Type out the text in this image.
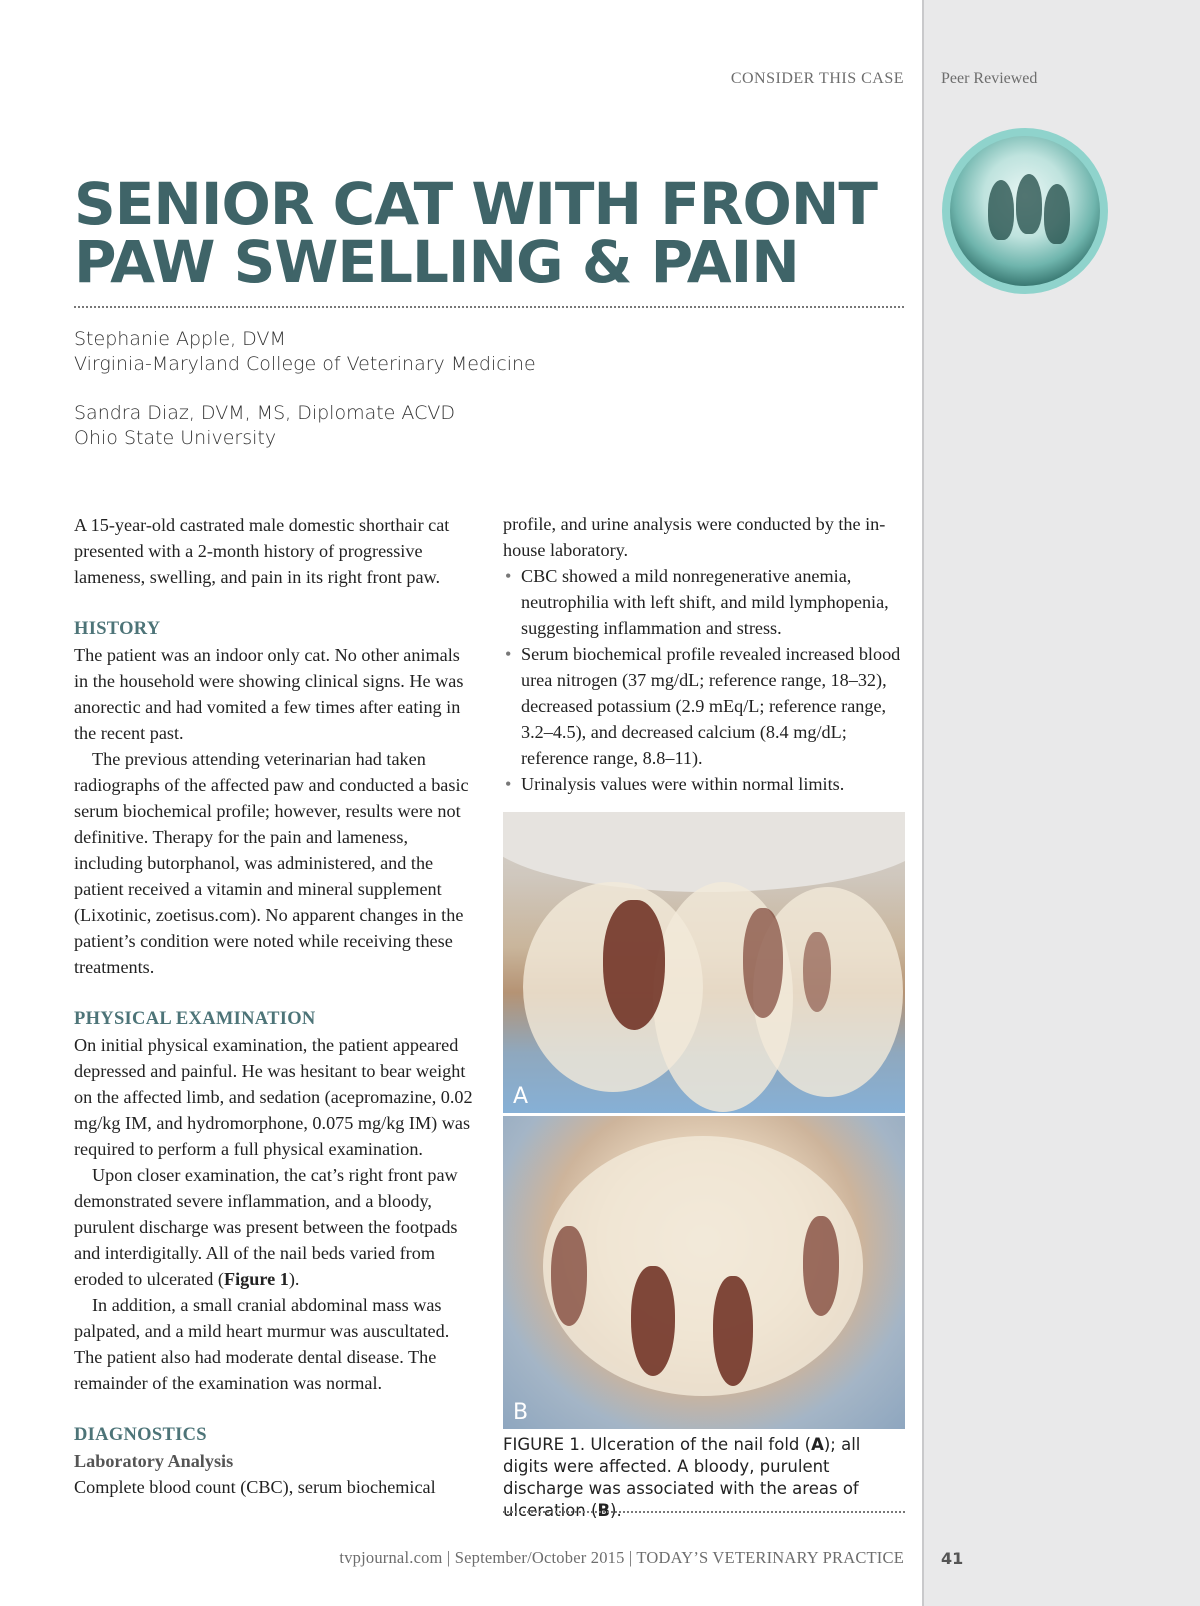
Peer Reviewed
CONSIDER THIS CASE
SENIOR CAT WITH FRONT
PAW SWELLING & PAIN
Stephanie Apple, DVM
Virginia-Maryland College of Veterinary Medicine
Sandra Diaz, DVM, MS, Diplomate ACVD
Ohio State University

A 15-year-old castrated male domestic shorthair cat presented with a 2-month history of progressive lameness, swelling, and pain in its right front paw.

HISTORY

The patient was an indoor only cat. No other animals in the household were showing clinical signs. He was anorectic and had vomited a few times after eating in the recent past.

The previous attending veterinarian had taken radiographs of the affected paw and conducted a basic serum biochemical profile; however, results were not definitive. Therapy for the pain and lameness, including butorphanol, was administered, and the patient received a vitamin and mineral supplement (Lixotinic, zoetisus.com). No apparent changes in the patient’s condition were noted while receiving these treatments.

PHYSICAL EXAMINATION

On initial physical examination, the patient appeared depressed and painful. He was hesitant to bear weight on the affected limb, and sedation (acepromazine, 0.02 mg/kg IM, and hydromorphone, 0.075 mg/kg IM) was required to perform a full physical examination.

Upon closer examination, the cat’s right front paw demonstrated severe inflammation, and a bloody, purulent discharge was present between the footpads and interdigitally. All of the nail beds varied from eroded to ulcerated (Figure 1).

In addition, a small cranial abdominal mass was palpated, and a mild heart murmur was auscultated. The patient also had moderate dental disease. The remainder of the examination was normal.

DIAGNOSTICS
Laboratory Analysis

Complete blood count (CBC), serum biochemical

profile, and urine analysis were conducted by the in-house laboratory.

• CBC showed a mild nonregenerative anemia, neutrophilia with left shift, and mild lymphopenia, suggesting inflammation and stress.
• Serum biochemical profile revealed increased blood urea nitrogen (37 mg/dL; reference range, 18–32), decreased potassium (2.9 mEq/L; reference range, 3.2–4.5), and decreased calcium (8.4 mg/dL; reference range, 8.8–11).
• Urinalysis values were within normal limits.
A
B
FIGURE 1. Ulceration of the nail fold (A); all digits were affected. A bloody, purulent discharge was associated with the areas of ulceration (B).
tvpjournal.com | September/October 2015 | TODAY’S VETERINARY PRACTICE 41
